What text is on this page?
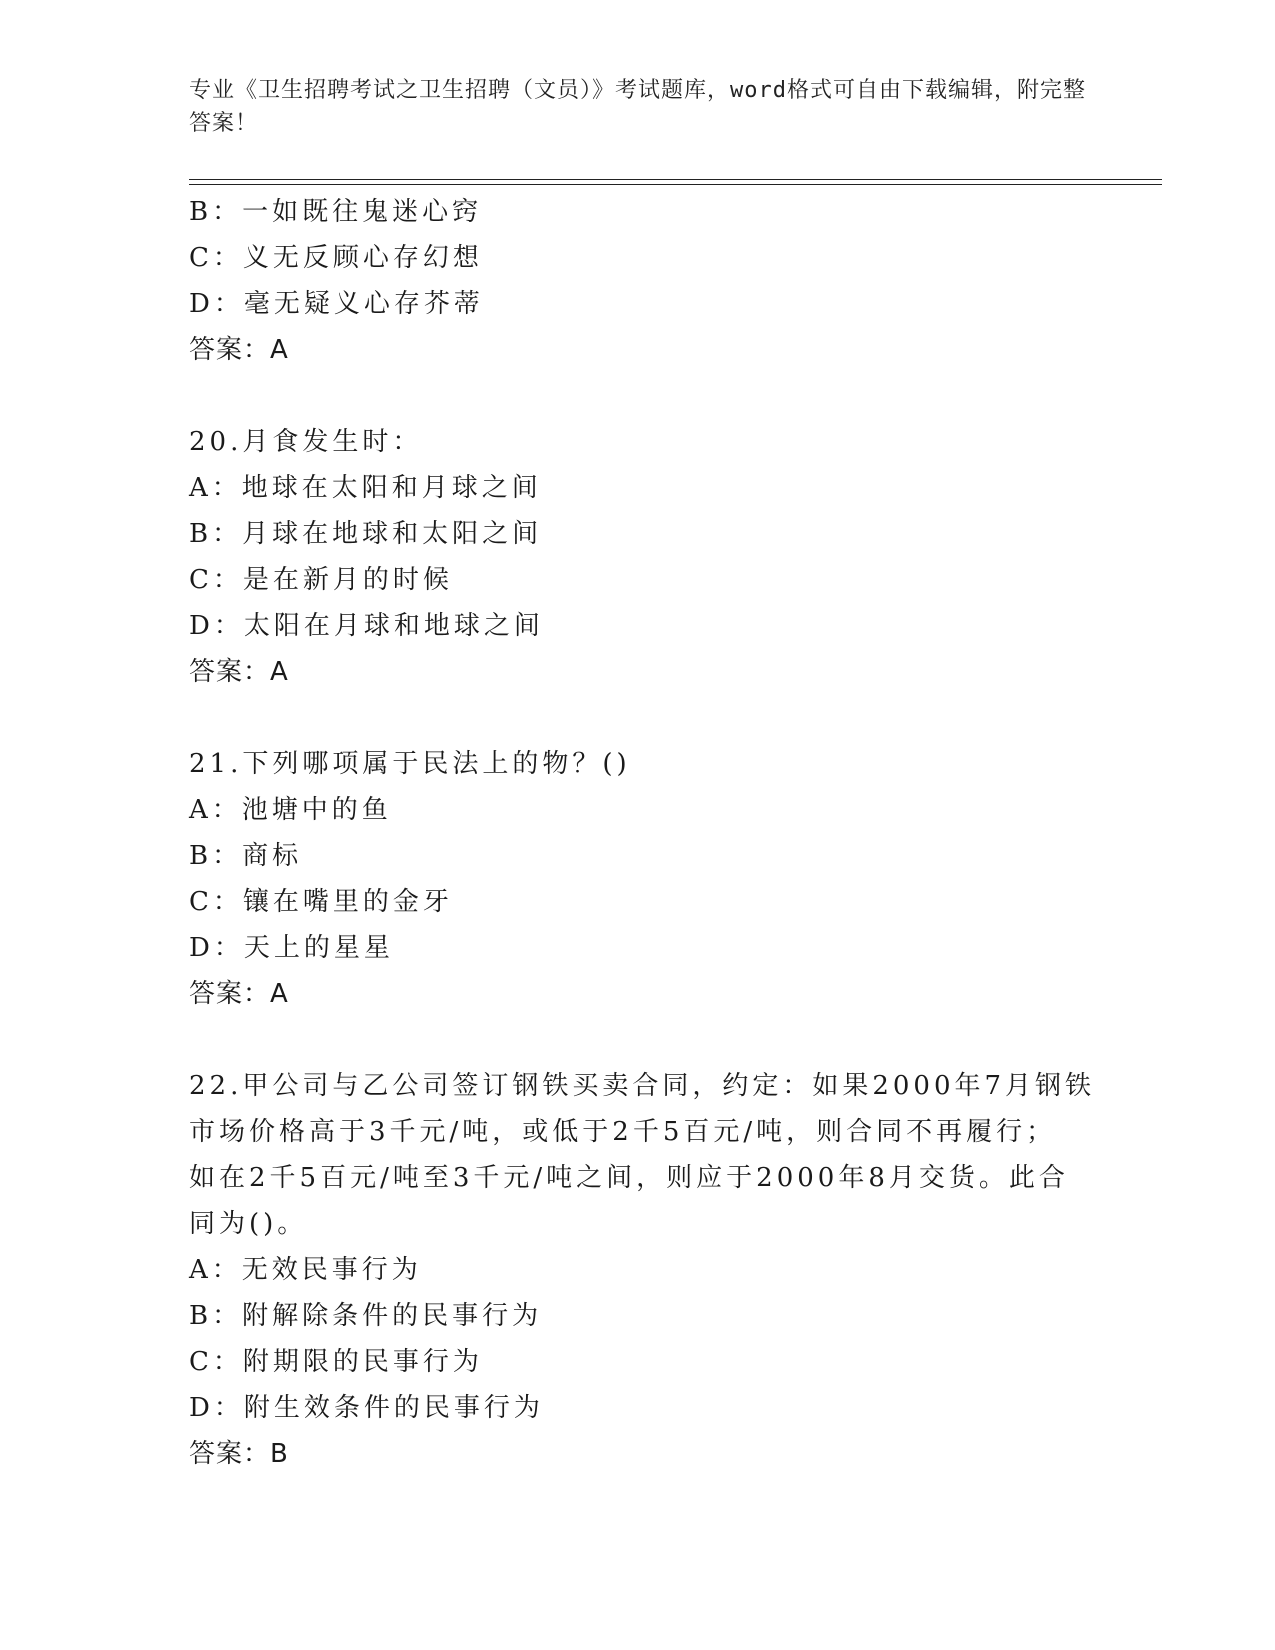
专业《卫生招聘考试之卫生招聘（文员）》考试题库，word格式可自由下载编辑，附完整答案！
B：一如既往鬼迷心窍
C：义无反顾心存幻想
D：毫无疑义心存芥蒂
答案：A
20.月食发生时：
A：地球在太阳和月球之间
B：月球在地球和太阳之间
C：是在新月的时候
D：太阳在月球和地球之间
答案：A
21.下列哪项属于民法上的物？()
A：池塘中的鱼
B：商标
C：镶在嘴里的金牙
D：天上的星星
答案：A
22.甲公司与乙公司签订钢铁买卖合同，约定：如果2000年7月钢铁
市场价格高于3千元/吨，或低于2千5百元/吨，则合同不再履行；
如在2千5百元/吨至3千元/吨之间，则应于2000年8月交货。此合
同为()。
A：无效民事行为
B：附解除条件的民事行为
C：附期限的民事行为
D：附生效条件的民事行为
答案：B
